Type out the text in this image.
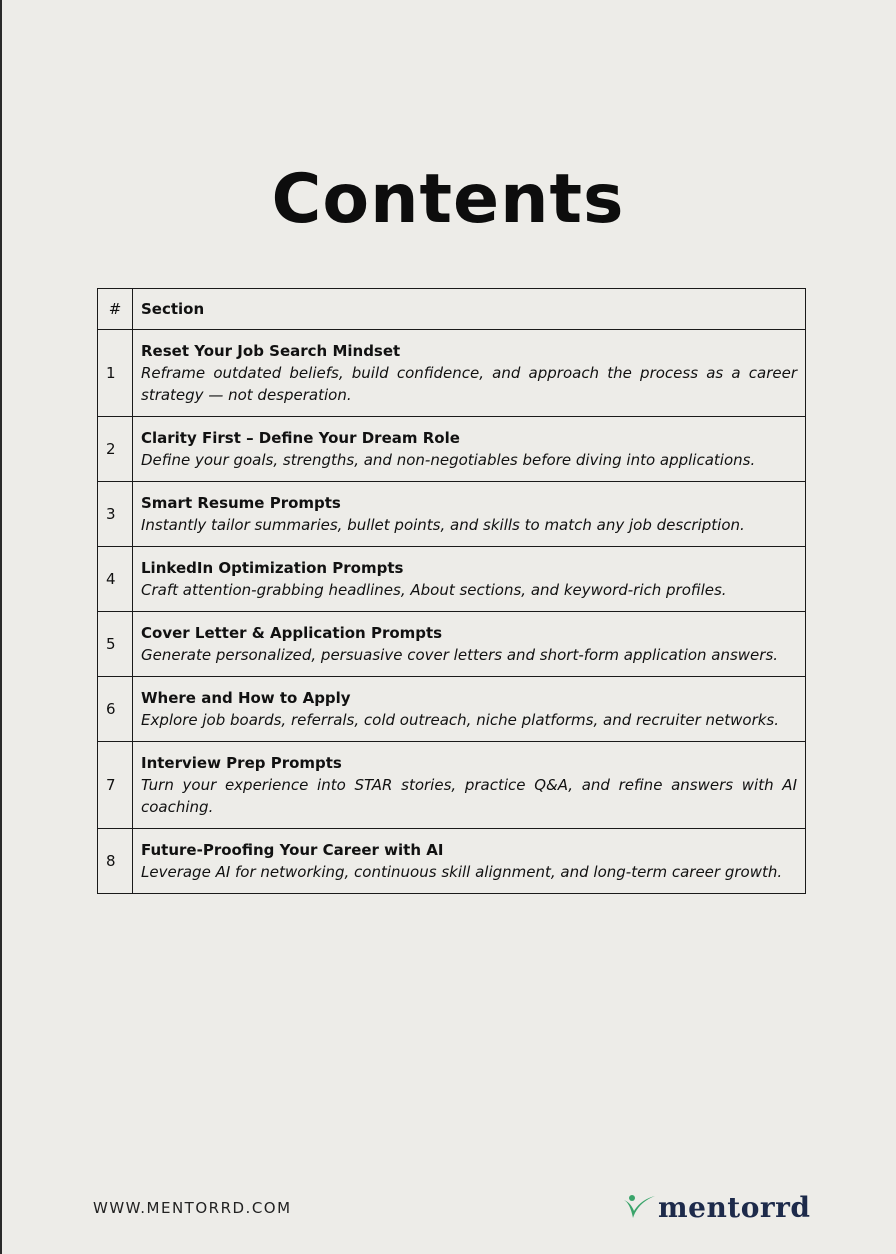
Contents
#	Section
1	Reset Your Job Search Mindset
Reframe outdated beliefs, build confidence, and approach the process as a career strategy — not desperation.

2	Clarity First – Define Your Dream Role
Define your goals, strengths, and non-negotiables before diving into applications.

3	Smart Resume Prompts
Instantly tailor summaries, bullet points, and skills to match any job description.

4	LinkedIn Optimization Prompts
Craft attention-grabbing headlines, About sections, and keyword-rich profiles.

5	Cover Letter & Application Prompts
Generate personalized, persuasive cover letters and short-form application answers.

6	Where and How to Apply
Explore job boards, referrals, cold outreach, niche platforms, and recruiter networks.

7	Interview Prep Prompts
Turn your experience into STAR stories, practice Q&A, and refine answers with AI coaching.

8	Future-Proofing Your Career with AI
Leverage AI for networking, continuous skill alignment, and long-term career growth.
WWW.MENTORRD.COM	mentorrd
